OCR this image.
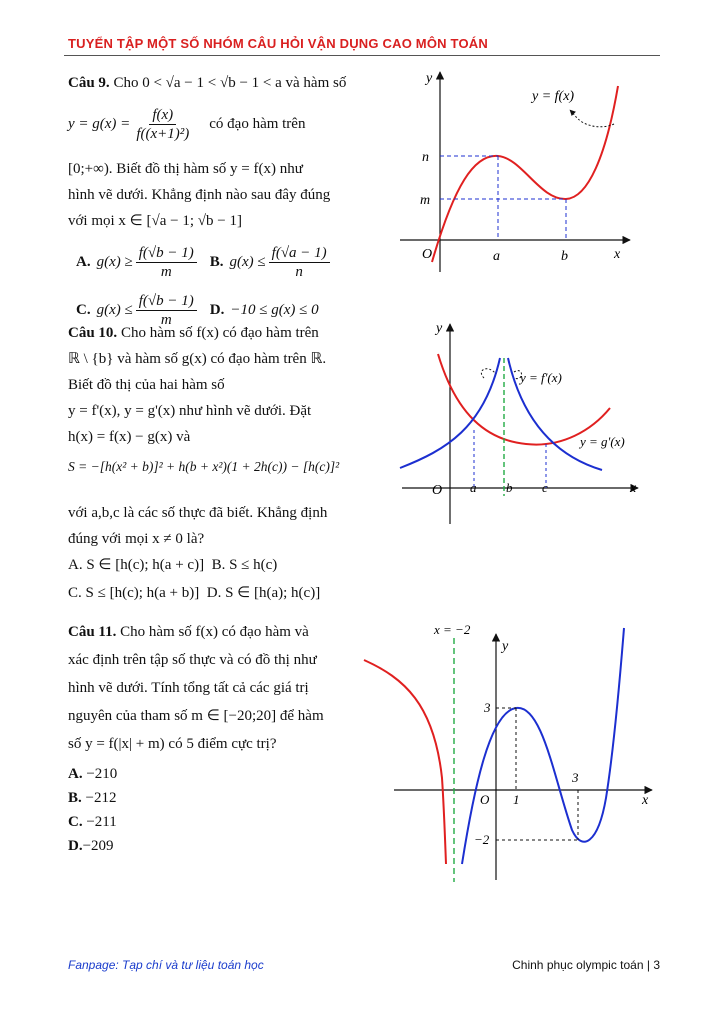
TUYỂN TẬP MỘT SỐ NHÓM CÂU HỎI VẬN DỤNG CAO MÔN TOÁN
Câu 9. Cho 0 < √a − 1 < √b − 1 < a và hàm số
$y = g(x) = \frac{f(x)}{\text{f((x+1)²)}}$ có đạo hàm trên
[0;+∞). Biết đồ thị hàm số y = f(x) như
hình vẽ dưới. Khẳng định nào sau đây đúng
với mọi x ∈ [√a − 1; √b − 1]
A. $g(x) \ge \frac{f(√b - 1)}{m} B$. $g(x) \le \frac{f(√a - 1)}{n}$
C. $g(x) \le \frac{f(√b - 1)}{m} D$. −10 ≤ g(x) ≤ 0
y = f(x)
x
y
O	a	b
n
m
Câu 10. Cho hàm số f(x) có đạo hàm trên
ℝ \ {b} và hàm số g(x) có đạo hàm trên ℝ.
Biết đồ thị của hai hàm số
y = f'(x), y = g'(x) như hình vẽ dưới. Đặt
h(x) = f(x) − g(x) và
S = −[h(x² + b)]² + h(b + x²)(1 + 2h(c)) − [h(c)]²
với a,b,c là các số thực đã biết. Khẳng định
đúng với mọi x ≠ 0 là?
A. S ∈ [h(c); h(a + c)] B. S ≤ h(c)
C. S ≤ [h(c); h(a + b)] D. S ∈ [h(a); h(c)]
y = f'(x)
y = g'(x)
x
y
O a b c
Câu 11. Cho hàm số f(x) có đạo hàm và
xác định trên tập số thực và có đồ thị như
hình vẽ dưới. Tính tổng tất cả các giá trị
nguyên của tham số m ∈ [−20;20] để hàm
số y = f(|x| + m) có 5 điểm cực trị?
A. −210
B. −212
C. −211
D.−209
x = −2
x
y
O 1
3
3
−2
Fanpage: Tạp chí và tư liệu toán học	Chinh phục olympic toán | 3
